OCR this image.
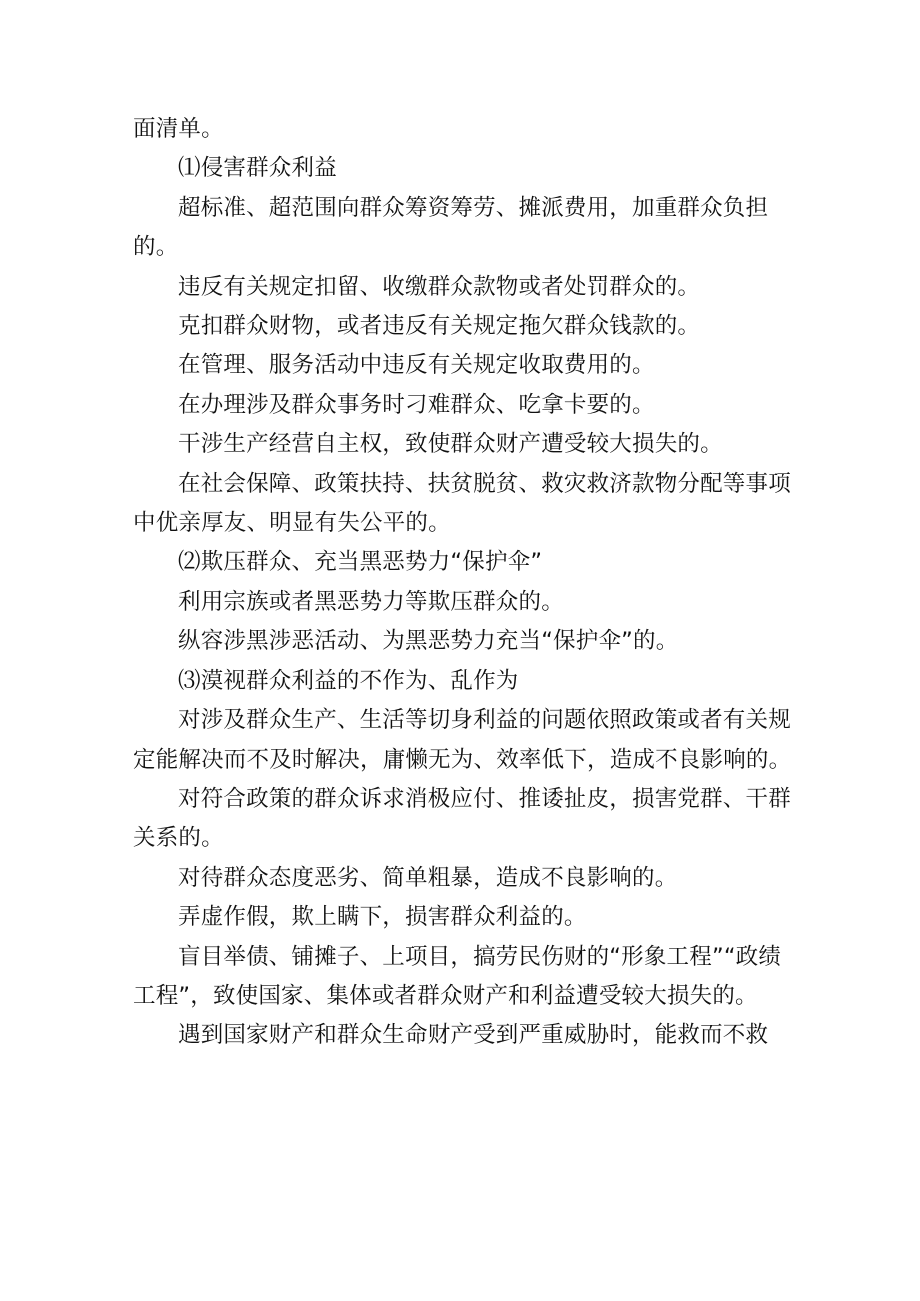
面清单。

⑴侵害群众利益

超标准、超范围向群众筹资筹劳、摊派费用，加重群众负担的。

违反有关规定扣留、收缴群众款物或者处罚群众的。

克扣群众财物，或者违反有关规定拖欠群众钱款的。

在管理、服务活动中违反有关规定收取费用的。

在办理涉及群众事务时刁难群众、吃拿卡要的。

干涉生产经营自主权，致使群众财产遭受较大损失的。

在社会保障、政策扶持、扶贫脱贫、救灾救济款物分配等事项中优亲厚友、明显有失公平的。

⑵欺压群众、充当黑恶势力“保护伞”

利用宗族或者黑恶势力等欺压群众的。

纵容涉黑涉恶活动、为黑恶势力充当“保护伞”的。

⑶漠视群众利益的不作为、乱作为

对涉及群众生产、生活等切身利益的问题依照政策或者有关规定能解决而不及时解决，庸懒无为、效率低下，造成不良影响的。

对符合政策的群众诉求消极应付、推诿扯皮，损害党群、干群关系的。

对待群众态度恶劣、简单粗暴，造成不良影响的。

弄虚作假，欺上瞒下，损害群众利益的。

盲目举债、铺摊子、上项目，搞劳民伤财的“形象工程”“政绩工程”，致使国家、集体或者群众财产和利益遭受较大损失的。

遇到国家财产和群众生命财产受到严重威胁时，能救而不救
